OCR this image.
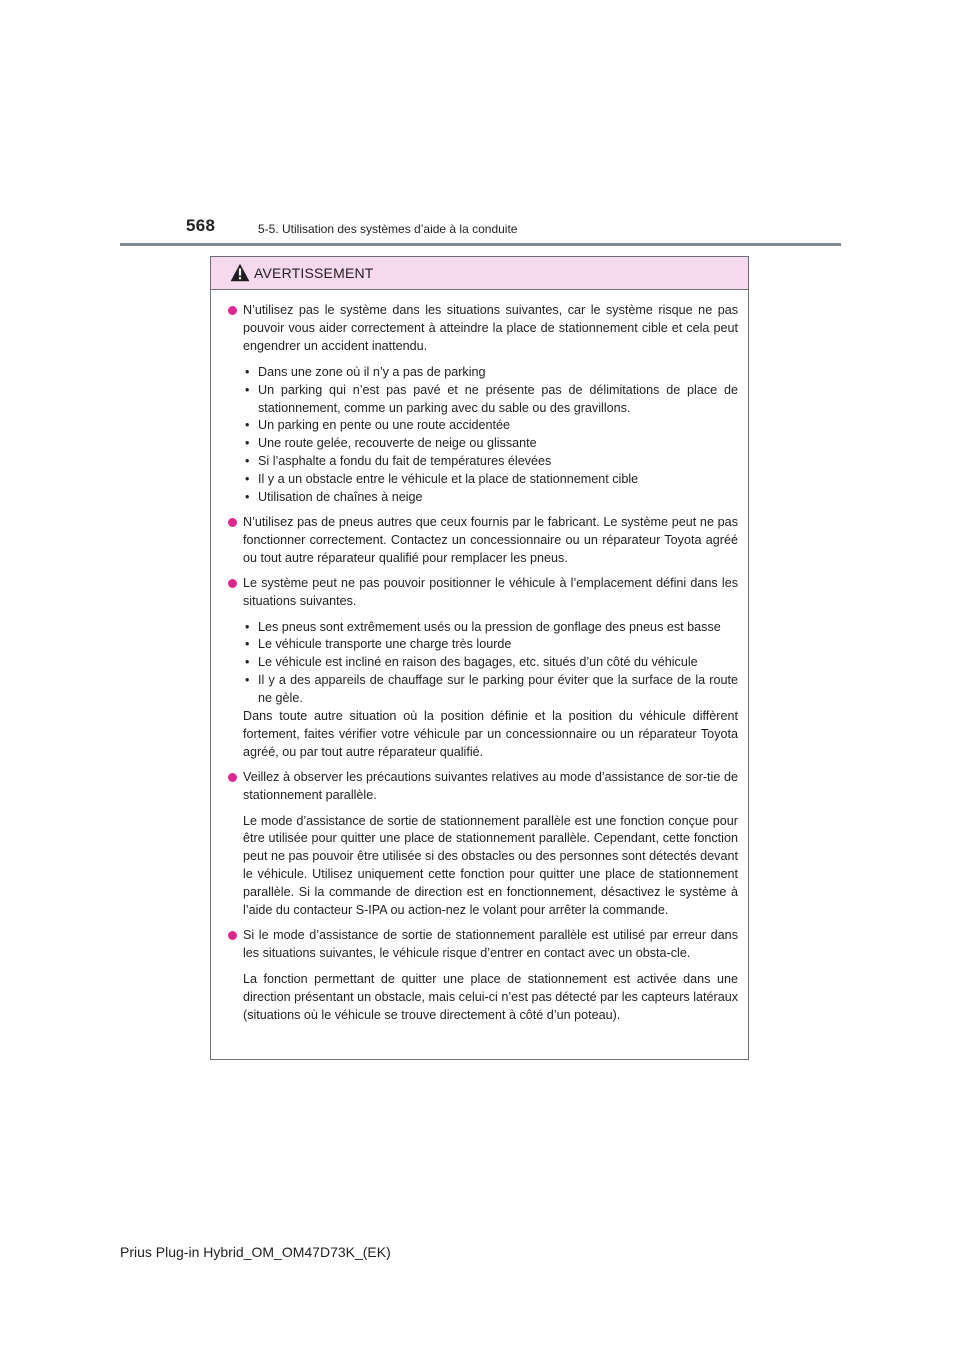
568	5-5. Utilisation des systèmes d’aide à la conduite
AVERTISSEMENT

N’utilisez pas le système dans les situations suivantes, car le système risque ne pas pouvoir vous aider correctement à atteindre la place de stationnement cible et cela peut engendrer un accident inattendu.

• Dans une zone où il n’y a pas de parking
• Un parking qui n’est pas pavé et ne présente pas de délimitations de place de stationnement, comme un parking avec du sable ou des gravillons.
• Un parking en pente ou une route accidentée
• Une route gelée, recouverte de neige ou glissante
• Si l’asphalte a fondu du fait de températures élevées
• Il y a un obstacle entre le véhicule et la place de stationnement cible
• Utilisation de chaînes à neige

N’utilisez pas de pneus autres que ceux fournis par le fabricant. Le système peut ne pas fonctionner correctement. Contactez un concessionnaire ou un réparateur Toyota agréé ou tout autre réparateur qualifié pour remplacer les pneus.

Le système peut ne pas pouvoir positionner le véhicule à l’emplacement défini dans les situations suivantes.

• Les pneus sont extrêmement usés ou la pression de gonflage des pneus est basse
• Le véhicule transporte une charge très lourde
• Le véhicule est incliné en raison des bagages, etc. situés d’un côté du véhicule
• Il y a des appareils de chauffage sur le parking pour éviter que la surface de la route ne gèle.

Dans toute autre situation où la position définie et la position du véhicule diffèrent fortement, faites vérifier votre véhicule par un concessionnaire ou un réparateur Toyota agréé, ou par tout autre réparateur qualifié.

Veillez à observer les précautions suivantes relatives au mode d’assistance de sor-tie de stationnement parallèle.

Le mode d’assistance de sortie de stationnement parallèle est une fonction conçue pour être utilisée pour quitter une place de stationnement parallèle. Cependant, cette fonction peut ne pas pouvoir être utilisée si des obstacles ou des personnes sont détectés devant le véhicule. Utilisez uniquement cette fonction pour quitter une place de stationnement parallèle. Si la commande de direction est en fonctionnement, désactivez le système à l’aide du contacteur S-IPA ou action-nez le volant pour arrêter la commande.

Si le mode d’assistance de sortie de stationnement parallèle est utilisé par erreur dans les situations suivantes, le véhicule risque d’entrer en contact avec un obsta-cle.

La fonction permettant de quitter une place de stationnement est activée dans une direction présentant un obstacle, mais celui-ci n’est pas détecté par les capteurs latéraux (situations où le véhicule se trouve directement à côté d’un poteau).

Prius Plug-in Hybrid_OM_OM47D73K_(EK)
